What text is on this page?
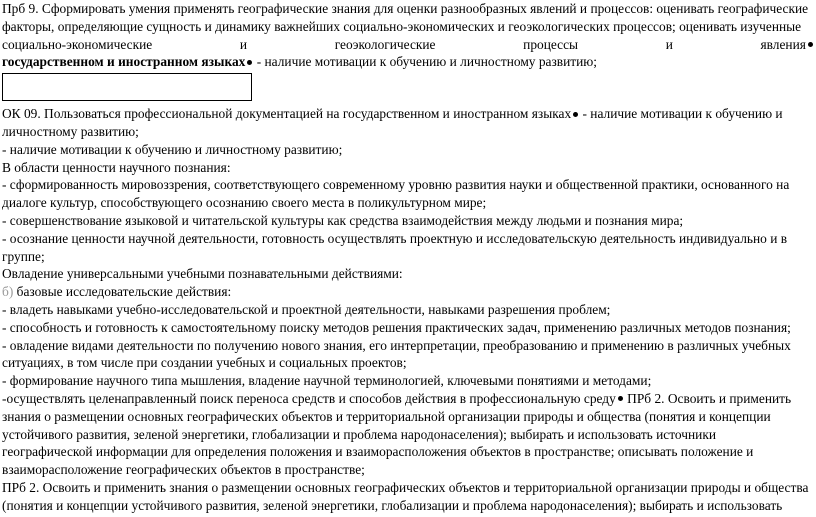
Прб 9. Сформировать умения применять географические знания для оценки разнообразных явлений и процессов: оценивать географические
факторы, определяющие сущность и динамику важнейших социально-экономических и геоэкологических процессов; оценивать изученные
социально-экономические	и	геоэкологические	процессы	и	явления
государственном и иностранном языках - наличие мотивации к обучению и личностному развитию;
ОК 09. Пользоваться профессиональной документацией на государственном и иностранном языках - наличие мотивации к обучению и
личностному развитию;
- наличие мотивации к обучению и личностному развитию;
В области ценности научного познания:
- сформированность мировоззрения, соответствующего современному уровню развития науки и общественной практики, основанного на
диалоге культур, способствующего осознанию своего места в поликультурном мире;
- совершенствование языковой и читательской культуры как средства взаимодействия между людьми и познания мира;
- осознание ценности научной деятельности, готовность осуществлять проектную и исследовательскую деятельность индивидуально и в
группе;
Овладение универсальными учебными познавательными действиями:
б) базовые исследовательские действия:
- владеть навыками учебно-исследовательской и проектной деятельности, навыками разрешения проблем;
- способность и готовность к самостоятельному поиску методов решения практических задач, применению различных методов познания;
- овладение видами деятельности по получению нового знания, его интерпретации, преобразованию и применению в различных учебных
ситуациях, в том числе при создании учебных и социальных проектов;
- формирование научного типа мышления, владение научной терминологией, ключевыми понятиями и методами;
-осуществлять целенаправленный поиск переноса средств и способов действия в профессиональную среду ПРб 2. Освоить и применить
знания о размещении основных географических объектов и территориальной организации природы и общества (понятия и концепции
устойчивого развития, зеленой энергетики, глобализации и проблема народонаселения); выбирать и использовать источники
географической информации для определения положения и взаиморасположения объектов в пространстве; описывать положение и
взаиморасположение географических объектов в пространстве;
ПРб 2. Освоить и применить знания о размещении основных географических объектов и территориальной организации природы и общества
(понятия и концепции устойчивого развития, зеленой энергетики, глобализации и проблема народонаселения); выбирать и использовать
